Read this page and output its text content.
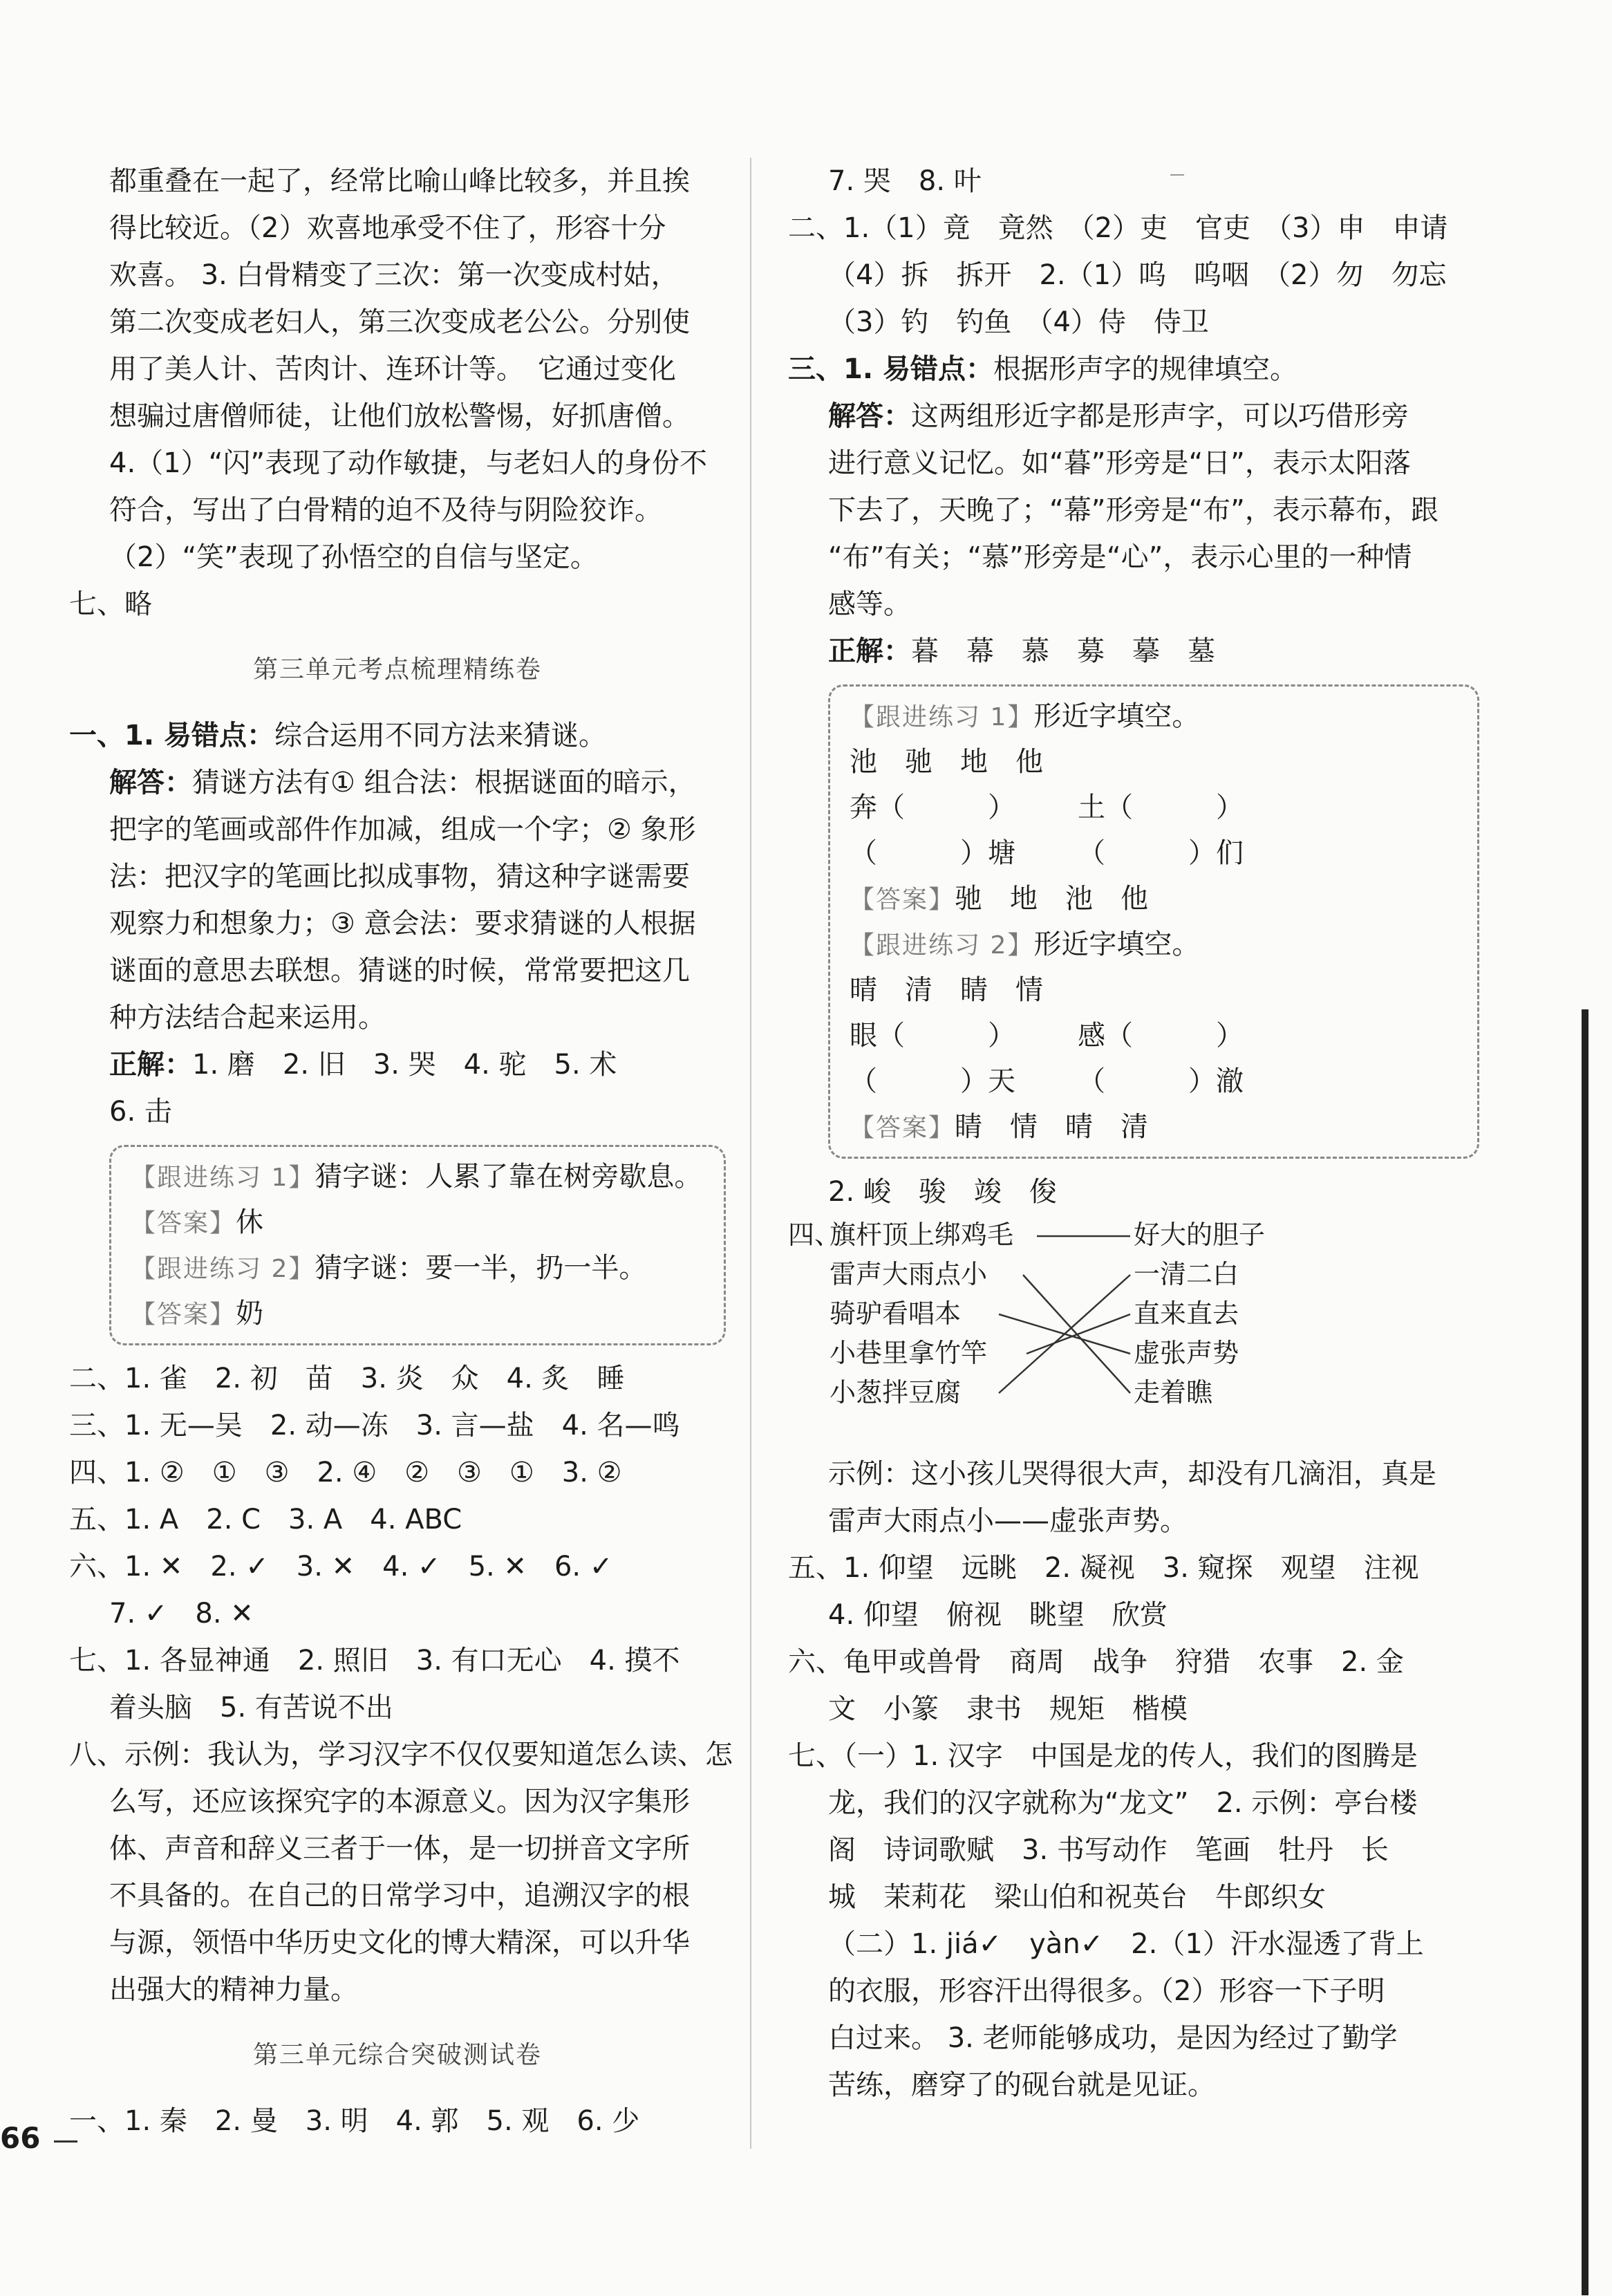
都重叠在一起了，经常比喻山峰比较多，并且挨
得比较近。（2）欢喜地承受不住了，形容十分
欢喜。 3. 白骨精变了三次：第一次变成村姑，
第二次变成老妇人，第三次变成老公公。分别使
用了美人计、苦肉计、连环计等。　它通过变化
想骗过唐僧师徒，让他们放松警惕，好抓唐僧。
4.（1）“闪”表现了动作敏捷，与老妇人的身份不
符合，写出了白骨精的迫不及待与阴险狡诈。
（2）“笑”表现了孙悟空的自信与坚定。
七、略
第三单元考点梳理精练卷
一、1. 易错点：综合运用不同方法来猜谜。
解答：猜谜方法有① 组合法：根据谜面的暗示，
把字的笔画或部件作加减，组成一个字；② 象形
法：把汉字的笔画比拟成事物，猜这种字谜需要
观察力和想象力；③ 意会法：要求猜谜的人根据
谜面的意思去联想。猜谜的时候，常常要把这几
种方法结合起来运用。
正解：1. 磨　2. 旧　3. 哭　4. 驼　5. 术
6. 击
【跟进练习 1】猜字谜：人累了靠在树旁歇息。
【答案】休
【跟进练习 2】猜字谜：要一半，扔一半。
【答案】奶
二、1. 雀　2. 初　苗　3. 炎　众　4. 炙　睡
三、1. 无—吴　2. 动—冻　3. 言—盐　4. 名—鸣
四、1. ②　①　③　2. ④　②　③　①　3. ②
五、1. A　2. C　3. A　4. ABC
六、1. ✕　2. ✓　3. ✕　4. ✓　5. ✕　6. ✓
7. ✓　8. ✕
七、1. 各显神通　2. 照旧　3. 有口无心　4. 摸不
着头脑　5. 有苦说不出
八、示例：我认为，学习汉字不仅仅要知道怎么读、怎
么写，还应该探究字的本源意义。因为汉字集形
体、声音和辞义三者于一体，是一切拼音文字所
不具备的。在自己的日常学习中，追溯汉字的根
与源，领悟中华历史文化的博大精深，可以升华
出强大的精神力量。
第三单元综合突破测试卷
一、1. 秦　2. 曼　3. 明　4. 郭　5. 观　6. 少
7. 哭　8. 叶
二、1.（1）竟　竟然　（2）吏　官吏　（3）申　申请
（4）拆　拆开　2.（1）呜　呜咽　（2）勿　勿忘
（3）钓　钓鱼　（4）侍　侍卫
三、1. 易错点：根据形声字的规律填空。
解答：这两组形近字都是形声字，可以巧借形旁
进行意义记忆。如“暮”形旁是“日”，表示太阳落
下去了，天晚了；“幕”形旁是“布”，表示幕布，跟
“布”有关；“慕”形旁是“心”，表示心里的一种情
感等。
正解：暮　幕　慕　募　摹　墓
【跟进练习 1】形近字填空。
池　驰　地　他
奔（　　　） 土（　　　）
（　　　）塘 （　　　）们
【答案】驰　地　池　他
【跟进练习 2】形近字填空。
晴　清　睛　情
眼（　　　） 感（　　　）
（　　　）天 （　　　）澈
【答案】睛　情　晴　清
2. 峻　骏　竣　俊
四、
旗杆顶上绑鸡毛
雷声大雨点小
骑驴看唱本
小巷里拿竹竿
小葱拌豆腐
好大的胆子
一清二白
直来直去
虚张声势
走着瞧
示例：这小孩儿哭得很大声，却没有几滴泪，真是
雷声大雨点小——虚张声势。
五、1. 仰望　远眺　2. 凝视　3. 窥探　观望　注视
4. 仰望　俯视　眺望　欣赏
六、龟甲或兽骨　商周　战争　狩猎　农事　2. 金
文　小篆　隶书　规矩　楷模
七、（一）1. 汉字　中国是龙的传人，我们的图腾是
龙，我们的汉字就称为“龙文”　2. 示例：亭台楼
阁　诗词歌赋　3. 书写动作　笔画　牡丹　长
城　茉莉花　梁山伯和祝英台　牛郎织女
（二）1. jiá✓　yàn✓　2.（1）汗水湿透了背上
的衣服，形容汗出得很多。（2）形容一下子明
白过来。 3. 老师能够成功，是因为经过了勤学
苦练，磨穿了的砚台就是见证。
66
